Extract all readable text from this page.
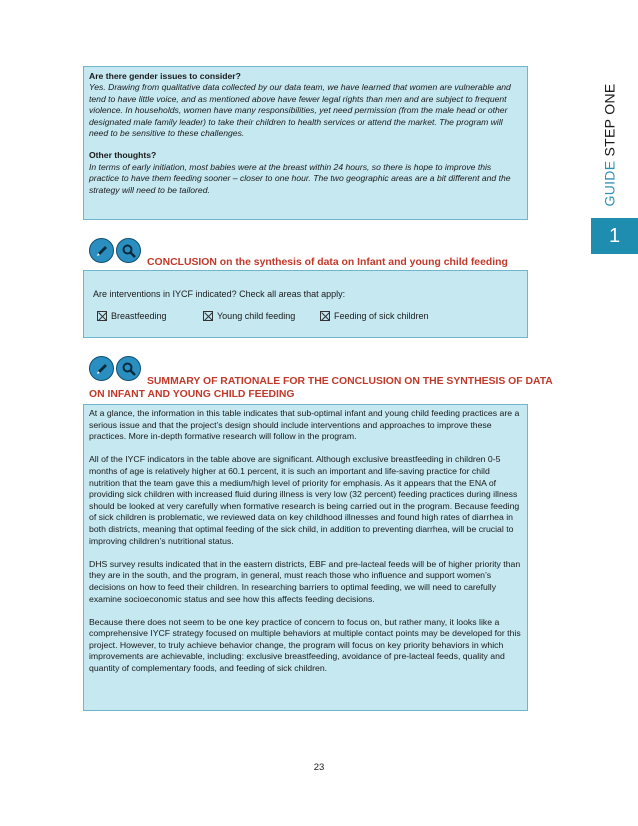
GUIDE STEP ONE
1

Are there gender issues to consider?

Yes. Drawing from qualitative data collected by our data team, we have learned that women are vulnerable and tend to have little voice, and as mentioned above have fewer legal rights than men and are subject to frequent violence. In households, women have many responsibilities, yet need permission (from the male head or other designated male family leader) to take their children to health services or attend the market. The program will need to be sensitive to these challenges.

Other thoughts?

In terms of early initiation, most babies were at the breast within 24 hours, so there is hope to improve this practice to have them feeding sooner – closer to one hour. The two geographic areas are a bit different and the strategy will need to be tailored.

CONCLUSION on the synthesis of data on Infant and young child feeding

Are interventions in IYCF indicated? Check all areas that apply:

Breastfeeding	Young child feeding	Feeding of sick children
SUMMARY OF RATIONALE FOR THE CONCLUSION ON THE SYNTHESIS OF DATA
ON INFANT AND YOUNG CHILD FEEDING

At a glance, the information in this table indicates that sub-optimal infant and young child feeding practices are a serious issue and that the project’s design should include interventions and approaches to improve these practices. More in-depth formative research will follow in the program.

All of the IYCF indicators in the table above are significant. Although exclusive breastfeeding in children 0-5 months of age is relatively higher at 60.1 percent, it is such an important and life-saving practice for child nutrition that the team gave this a medium/high level of priority for emphasis. As it appears that the ENA of providing sick children with increased fluid during illness is very low (32 percent) feeding practices during illness should be looked at very carefully when formative research is being carried out in the program. Because feeding of sick children is problematic, we reviewed data on key childhood illnesses and found high rates of diarrhea in both districts, meaning that optimal feeding of the sick child, in addition to preventing diarrhea, will be crucial to improving children’s nutritional status.

DHS survey results indicated that in the eastern districts, EBF and pre-lacteal feeds will be of higher priority than they are in the south, and the program, in general, must reach those who influence and support women’s decisions on how to feed their children. In researching barriers to optimal feeding, we will need to carefully examine socioeconomic status and see how this affects feeding decisions.

Because there does not seem to be one key practice of concern to focus on, but rather many, it looks like a comprehensive IYCF strategy focused on multiple behaviors at multiple contact points may be developed for this project. However, to truly achieve behavior change, the program will focus on key priority behaviors in which improvements are achievable, including: exclusive breastfeeding, avoidance of pre-lacteal feeds, quality and quantity of complementary foods, and feeding of sick children.

23
